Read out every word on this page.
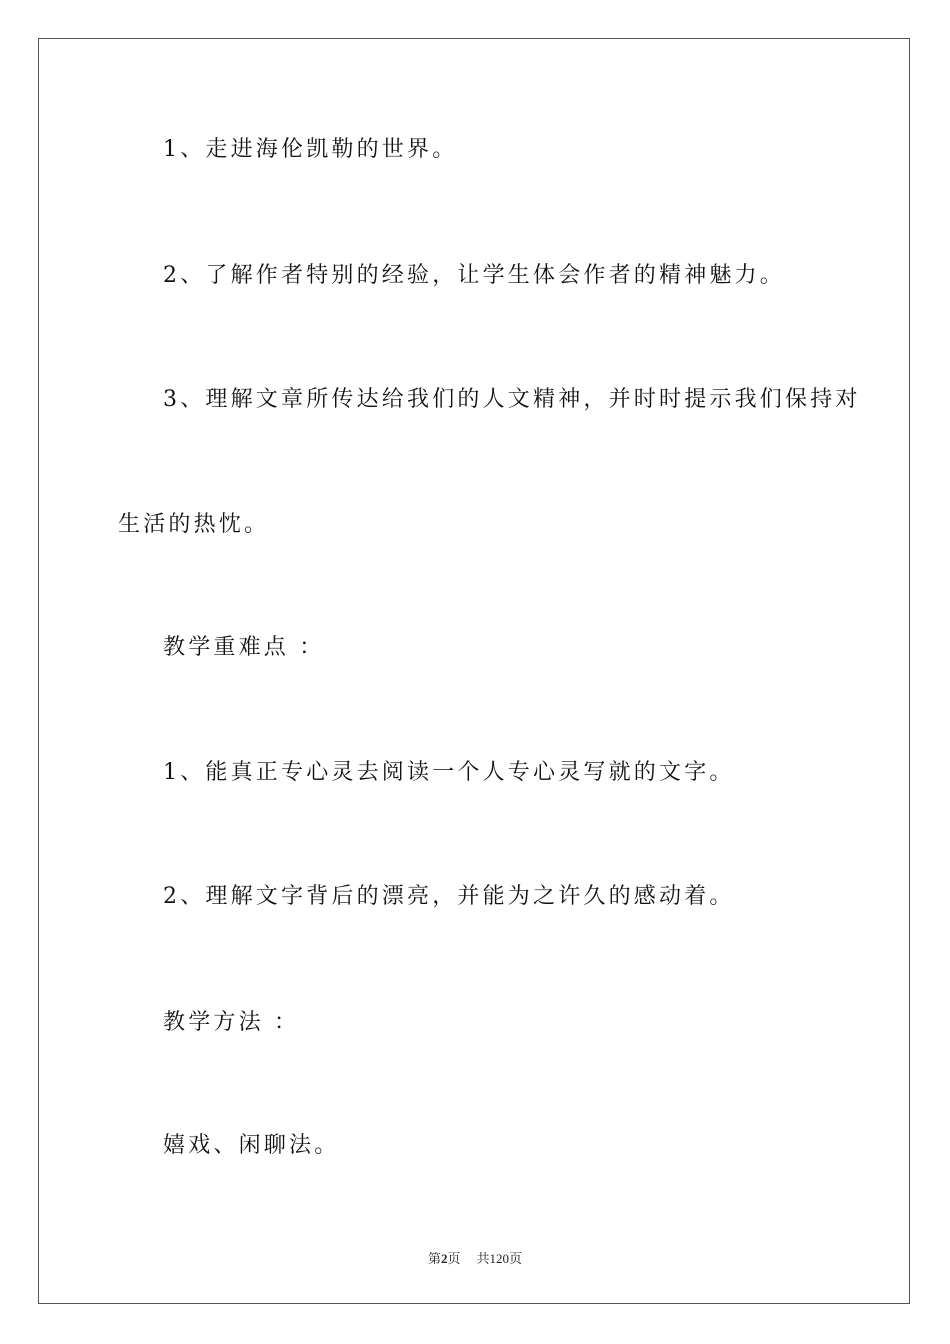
1、走进海伦凯勒的世界。
2、了解作者特别的经验，让学生体会作者的精神魅力。
3、理解文章所传达给我们的人文精神，并时时提示我们保持对
生活的热忱。
教学重难点 ：
1、能真正专心灵去阅读一个人专心灵写就的文字。
2、理解文字背后的漂亮，并能为之许久的感动着。
教学方法 ：
嬉戏、闲聊法。
第2页 共120页
